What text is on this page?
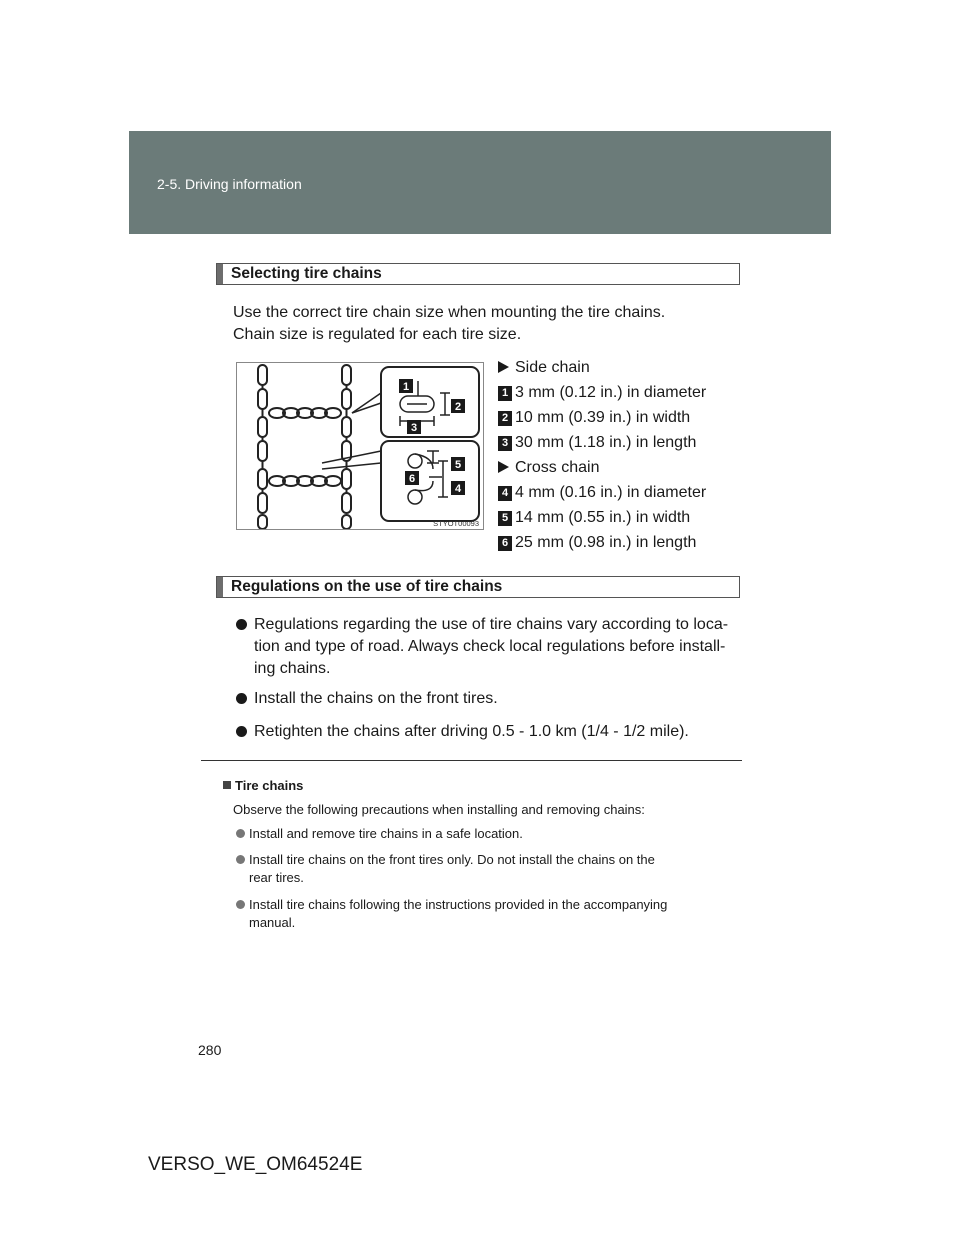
2-5. Driving information
Selecting tire chains
Use the correct tire chain size when mounting the tire chains.
Chain size is regulated for each tire size.
1
2
3
4
5
6
STYOT00093
Side chain
1 3 mm (0.12 in.) in diameter
2 10 mm (0.39 in.) in width
3 30 mm (1.18 in.) in length
Cross chain
4 4 mm (0.16 in.) in diameter
5 14 mm (0.55 in.) in width
6 25 mm (0.98 in.) in length
Regulations on the use of tire chains
Regulations regarding the use of tire chains vary according to loca-
tion and type of road. Always check local regulations before install-
ing chains.
Install the chains on the front tires.
Retighten the chains after driving 0.5 - 1.0 km (1/4 - 1/2 mile).
Tire chains
Observe the following precautions when installing and removing chains:
Install and remove tire chains in a safe location.
Install tire chains on the front tires only. Do not install the chains on the
rear tires.
Install tire chains following the instructions provided in the accompanying
manual.
280
VERSO_WE_OM64524E
